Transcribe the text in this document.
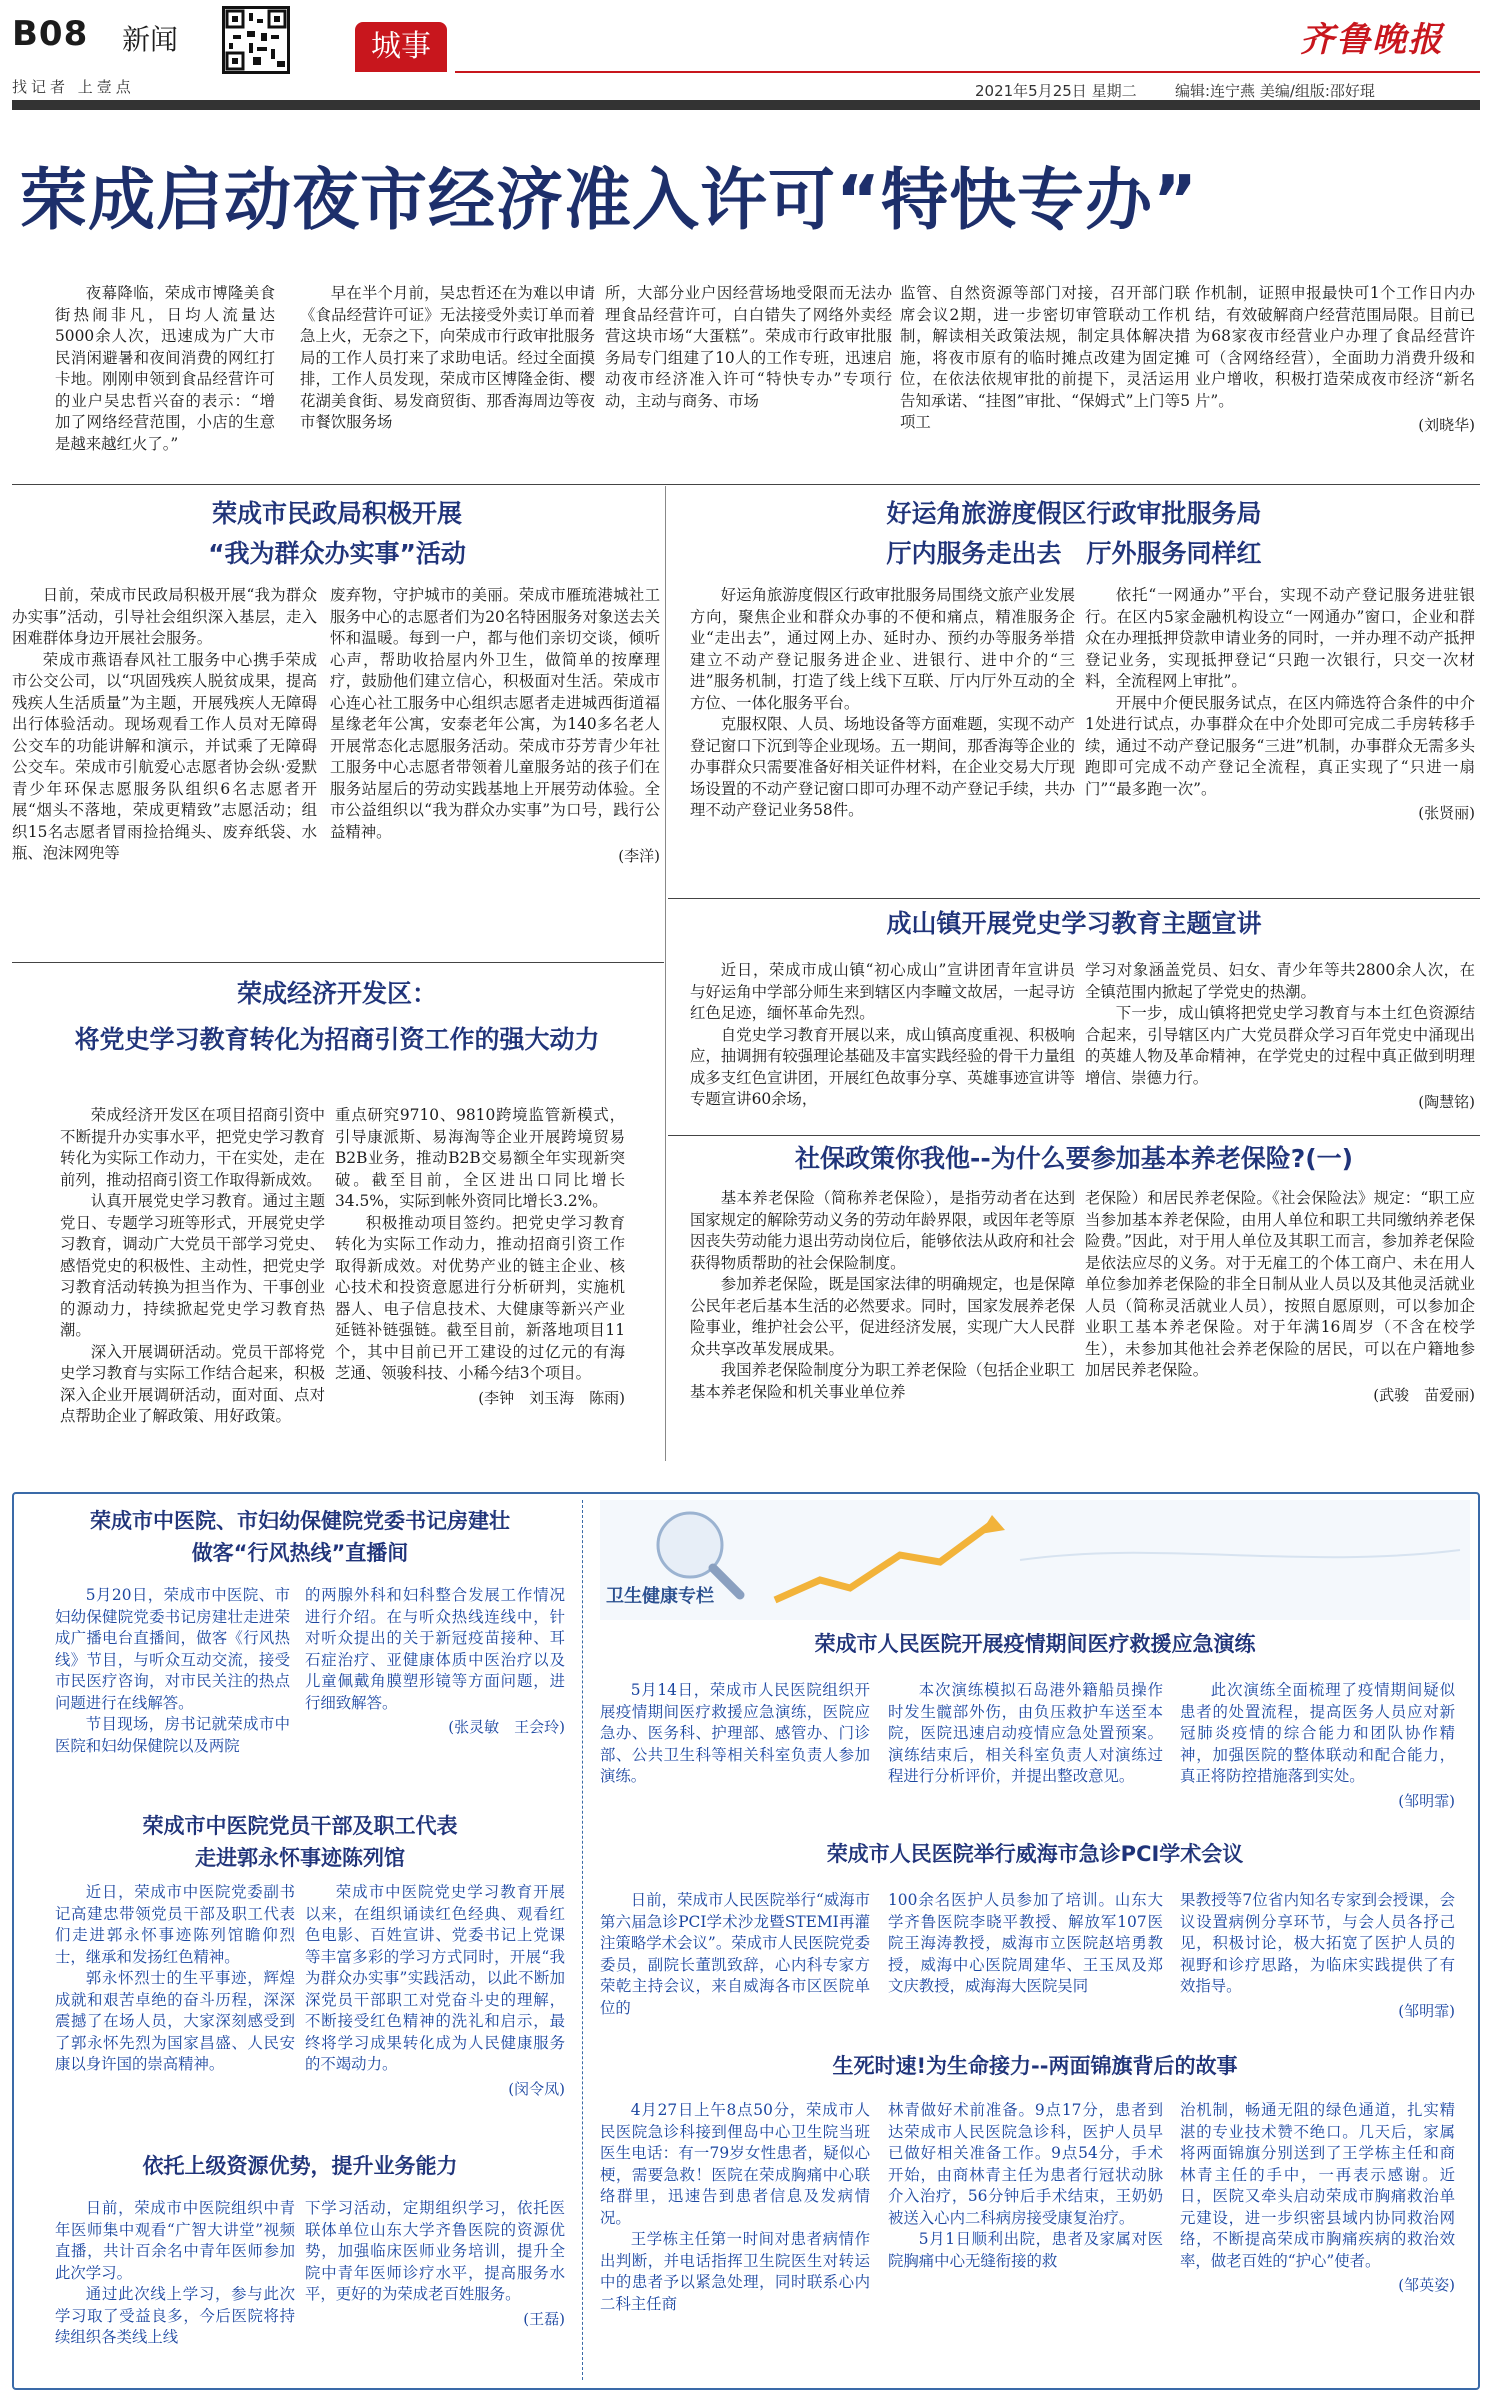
B08 新闻	城事
找记者 上壹点
齐鲁晚报
2021年5月25日 星期二	编辑:连宁燕 美编/组版:邵好琨
荣成启动夜市经济准入许可“特快专办”

夜幕降临，荣成市博隆美食街热闹非凡，日均人流量达5000余人次，迅速成为广大市民消闲避暑和夜间消费的网红打卡地。刚刚申领到食品经营许可的业户吴忠哲兴奋的表示：“增加了网络经营范围，小店的生意是越来越红火了。”

早在半个月前，吴忠哲还在为难以申请《食品经营许可证》无法接受外卖订单而着急上火，无奈之下，向荣成市行政审批服务局的工作人员打来了求助电话。经过全面摸排，工作人员发现，荣成市区博隆金街、樱花湖美食街、易发商贸街、那香海周边等夜市餐饮服务场

所，大部分业户因经营场地受限而无法办理食品经营许可，白白错失了网络外卖经营这块市场“大蛋糕”。荣成市行政审批服务局专门组建了10人的工作专班，迅速启动夜市经济准入许可“特快专办”专项行动，主动与商务、市场

监管、自然资源等部门对接，召开部门联席会议2期，进一步密切审管联动工作机制，解读相关政策法规，制定具体解决措施，将夜市原有的临时摊点改建为固定摊位，在依法依规审批的前提下，灵活运用告知承诺、“挂图”审批、“保姆式”上门等5项工

作机制，证照申报最快可1个工作日内办结，有效破解商户经营范围局限。目前已为68家夜市经营业户办理了食品经营许可（含网络经营），全面助力消费升级和业户增收，积极打造荣成夜市经济“新名片”。

(刘晓华)
荣成市民政局积极开展
“我为群众办实事”活动

日前，荣成市民政局积极开展“我为群众办实事”活动，引导社会组织深入基层，走入困难群体身边开展社会服务。

荣成市燕语春风社工服务中心携手荣成市公交公司，以“巩固残疾人脱贫成果，提高残疾人生活质量”为主题，开展残疾人无障碍出行体验活动。现场观看工作人员对无障碍公交车的功能讲解和演示，并试乘了无障碍公交车。荣成市引航爱心志愿者协会纵·爱默青少年环保志愿服务队组织6名志愿者开展“烟头不落地，荣成更精致”志愿活动；组织15名志愿者冒雨捡拾绳头、废弃纸袋、水瓶、泡沫网兜等

废弃物，守护城市的美丽。荣成市雁琉港城社工服务中心的志愿者们为20名特困服务对象送去关怀和温暖。每到一户，都与他们亲切交谈，倾听心声，帮助收拾屋内外卫生，做简单的按摩理疗，鼓励他们建立信心，积极面对生活。荣成市心连心社工服务中心组织志愿者走进城西街道福星缘老年公寓，安泰老年公寓，为140多名老人开展常态化志愿服务活动。荣成市芬芳青少年社工服务中心志愿者带领着儿童服务站的孩子们在服务站屋后的劳动实践基地上开展劳动体验。全市公益组织以“我为群众办实事”为口号，践行公益精神。

(李洋)
荣成经济开发区：
将党史学习教育转化为招商引资工作的强大动力

荣成经济开发区在项目招商引资中不断提升办实事水平，把党史学习教育转化为实际工作动力，干在实处，走在前列，推动招商引资工作取得新成效。

认真开展党史学习教育。通过主题党日、专题学习班等形式，开展党史学习教育，调动广大党员干部学习党史、感悟党史的积极性、主动性，把党史学习教育活动转换为担当作为、干事创业的源动力，持续掀起党史学习教育热潮。

深入开展调研活动。党员干部将党史学习教育与实际工作结合起来，积极深入企业开展调研活动，面对面、点对点帮助企业了解政策、用好政策。

重点研究9710、9810跨境监管新模式，引导康派斯、易海淘等企业开展跨境贸易B2B业务，推动B2B交易额全年实现新突破。截至目前，全区进出口同比增长34.5%，实际到帐外资同比增长3.2%。

积极推动项目签约。把党史学习教育转化为实际工作动力，推动招商引资工作取得新成效。对优势产业的链主企业、核心技术和投资意愿进行分析研判，实施机器人、电子信息技术、大健康等新兴产业延链补链强链。截至目前，新落地项目11个，其中目前已开工建设的过亿元的有海芝通、领骏科技、小稀今结3个项目。

(李钟　刘玉海　陈雨)
好运角旅游度假区行政审批服务局
厅内服务走出去　厅外服务同样红

好运角旅游度假区行政审批服务局围绕文旅产业发展方向，聚焦企业和群众办事的不便和痛点，精准服务企业“走出去”，通过网上办、延时办、预约办等服务举措建立不动产登记服务进企业、进银行、进中介的“三进”服务机制，打造了线上线下互联、厅内厅外互动的全方位、一体化服务平台。

克服权限、人员、场地设备等方面难题，实现不动产登记窗口下沉到等企业现场。五一期间，那香海等企业的办事群众只需要准备好相关证件材料，在企业交易大厅现场设置的不动产登记窗口即可办理不动产登记手续，共办理不动产登记业务58件。

依托“一网通办”平台，实现不动产登记服务进驻银行。在区内5家金融机构设立“一网通办”窗口，企业和群众在办理抵押贷款申请业务的同时，一并办理不动产抵押登记业务，实现抵押登记“只跑一次银行，只交一次材料，全流程网上审批”。

开展中介便民服务试点，在区内筛选符合条件的中介1处进行试点，办事群众在中介处即可完成二手房转移手续，通过不动产登记服务“三进”机制，办事群众无需多头跑即可完成不动产登记全流程，真正实现了“只进一扇门”“最多跑一次”。

(张贤丽)
成山镇开展党史学习教育主题宣讲

近日，荣成市成山镇“初心成山”宣讲团青年宣讲员与好运角中学部分师生来到辖区内李疃文故居，一起寻访红色足迹，缅怀革命先烈。

自党史学习教育开展以来，成山镇高度重视、积极响应，抽调拥有较强理论基础及丰富实践经验的骨干力量组成多支红色宣讲团，开展红色故事分享、英雄事迹宣讲等专题宣讲60余场，

学习对象涵盖党员、妇女、青少年等共2800余人次，在全镇范围内掀起了学党史的热潮。

下一步，成山镇将把党史学习教育与本土红色资源结合起来，引导辖区内广大党员群众学习百年党史中涌现出的英雄人物及革命精神，在学党史的过程中真正做到明理增信、崇德力行。

(陶慧铭)
社保政策你我他--为什么要参加基本养老保险?(一)

基本养老保险（简称养老保险），是指劳动者在达到国家规定的解除劳动义务的劳动年龄界限，或因年老等原因丧失劳动能力退出劳动岗位后，能够依法从政府和社会获得物质帮助的社会保险制度。

参加养老保险，既是国家法律的明确规定，也是保障公民年老后基本生活的必然要求。同时，国家发展养老保险事业，维护社会公平，促进经济发展，实现广大人民群众共享改革发展成果。

我国养老保险制度分为职工养老保险（包括企业职工基本养老保险和机关事业单位养

老保险）和居民养老保险。《社会保险法》规定：“职工应当参加基本养老保险，由用人单位和职工共同缴纳养老保险费。”因此，对于用人单位及其职工而言，参加养老保险是依法应尽的义务。对于无雇工的个体工商户、未在用人单位参加养老保险的非全日制从业人员以及其他灵活就业人员（简称灵活就业人员），按照自愿原则，可以参加企业职工基本养老保险。对于年满16周岁（不含在校学生），未参加其他社会养老保险的居民，可以在户籍地参加居民养老保险。

(武骏　苗爱丽)
荣成市中医院、市妇幼保健院党委书记房建壮
做客“行风热线”直播间

5月20日，荣成市中医院、市妇幼保健院党委书记房建壮走进荣成广播电台直播间，做客《行风热线》节目，与听众互动交流，接受市民医疗咨询，对市民关注的热点问题进行在线解答。

节目现场，房书记就荣成市中医院和妇幼保健院以及两院

的两腺外科和妇科整合发展工作情况进行介绍。在与听众热线连线中，针对听众提出的关于新冠疫苗接种、耳石症治疗、亚健康体质中医治疗以及儿童佩戴角膜塑形镜等方面问题，进行细致解答。

(张灵敏　王会玲)
荣成市中医院党员干部及职工代表
走进郭永怀事迹陈列馆

近日，荣成市中医院党委副书记高建忠带领党员干部及职工代表们走进郭永怀事迹陈列馆瞻仰烈士，继承和发扬红色精神。

郭永怀烈士的生平事迹，辉煌成就和艰苦卓绝的奋斗历程，深深震撼了在场人员，大家深刻感受到了郭永怀先烈为国家昌盛、人民安康以身许国的崇高精神。

荣成市中医院党史学习教育开展以来，在组织诵读红色经典、观看红色电影、百姓宣讲、党委书记上党课等丰富多彩的学习方式同时，开展“我为群众办实事”实践活动，以此不断加深党员干部职工对党奋斗史的理解，不断接受红色精神的洗礼和启示，最终将学习成果转化成为人民健康服务的不竭动力。

(闵令凤)
依托上级资源优势，提升业务能力

日前，荣成市中医院组织中青年医师集中观看“广智大讲堂”视频直播，共计百余名中青年医师参加此次学习。

通过此次线上学习，参与此次学习取了受益良多，今后医院将持续组织各类线上线

下学习活动，定期组织学习，依托医联体单位山东大学齐鲁医院的资源优势，加强临床医师业务培训，提升全院中青年医师诊疗水平，提高服务水平，更好的为荣成老百姓服务。

(王磊)
卫生健康专栏
荣成市人民医院开展疫情期间医疗救援应急演练

5月14日，荣成市人民医院组织开展疫情期间医疗救援应急演练，医院应急办、医务科、护理部、感管办、门诊部、公共卫生科等相关科室负责人参加演练。

本次演练模拟石岛港外籍船员操作时发生髋部外伤，由负压救护车送至本院，医院迅速启动疫情应急处置预案。演练结束后，相关科室负责人对演练过程进行分析评价，并提出整改意见。

此次演练全面梳理了疫情期间疑似患者的处置流程，提高医务人员应对新冠肺炎疫情的综合能力和团队协作精神，加强医院的整体联动和配合能力，真正将防控措施落到实处。

(邹明霏)
荣成市人民医院举行威海市急诊PCI学术会议

日前，荣成市人民医院举行“威海市第六届急诊PCI学术沙龙暨STEMI再灌注策略学术会议”。荣成市人民医院党委委员，副院长董凯致辞，心内科专家方荣乾主持会议，来自威海各市区医院单位的

100余名医护人员参加了培训。山东大学齐鲁医院李晓平教授、解放军107医院王海涛教授，威海市立医院赵培勇教授，威海中心医院周建华、王玉凤及郑文庆教授，威海海大医院吴同

果教授等7位省内知名专家到会授课，会议设置病例分享环节，与会人员各抒己见，积极讨论，极大拓宽了医护人员的视野和诊疗思路，为临床实践提供了有效指导。

(邹明霏)
生死时速!为生命接力--两面锦旗背后的故事

4月27日上午8点50分，荣成市人民医院急诊科接到俚岛中心卫生院当班医生电话：有一79岁女性患者，疑似心梗，需要急救！医院在荣成胸痛中心联络群里，迅速告到患者信息及发病情况。

王学栋主任第一时间对患者病情作出判断，并电话指挥卫生院医生对转运中的患者予以紧急处理，同时联系心内二科主任商

林青做好术前准备。9点17分，患者到达荣成市人民医院急诊科，医护人员早已做好相关准备工作。9点54分，手术开始，由商林青主任为患者行冠状动脉介入治疗，56分钟后手术结束，王奶奶被送入心内二科病房接受康复治疗。

5月1日顺利出院，患者及家属对医院胸痛中心无缝衔接的救

治机制，畅通无阻的绿色通道，扎实精湛的专业技术赞不绝口。几天后，家属将两面锦旗分别送到了王学栋主任和商林青主任的手中，一再表示感谢。近日，医院又牵头启动荣成市胸痛救治单元建设，进一步织密县域内协同救治网络，不断提高荣成市胸痛疾病的救治效率，做老百姓的“护心”使者。

(邹英姿)
